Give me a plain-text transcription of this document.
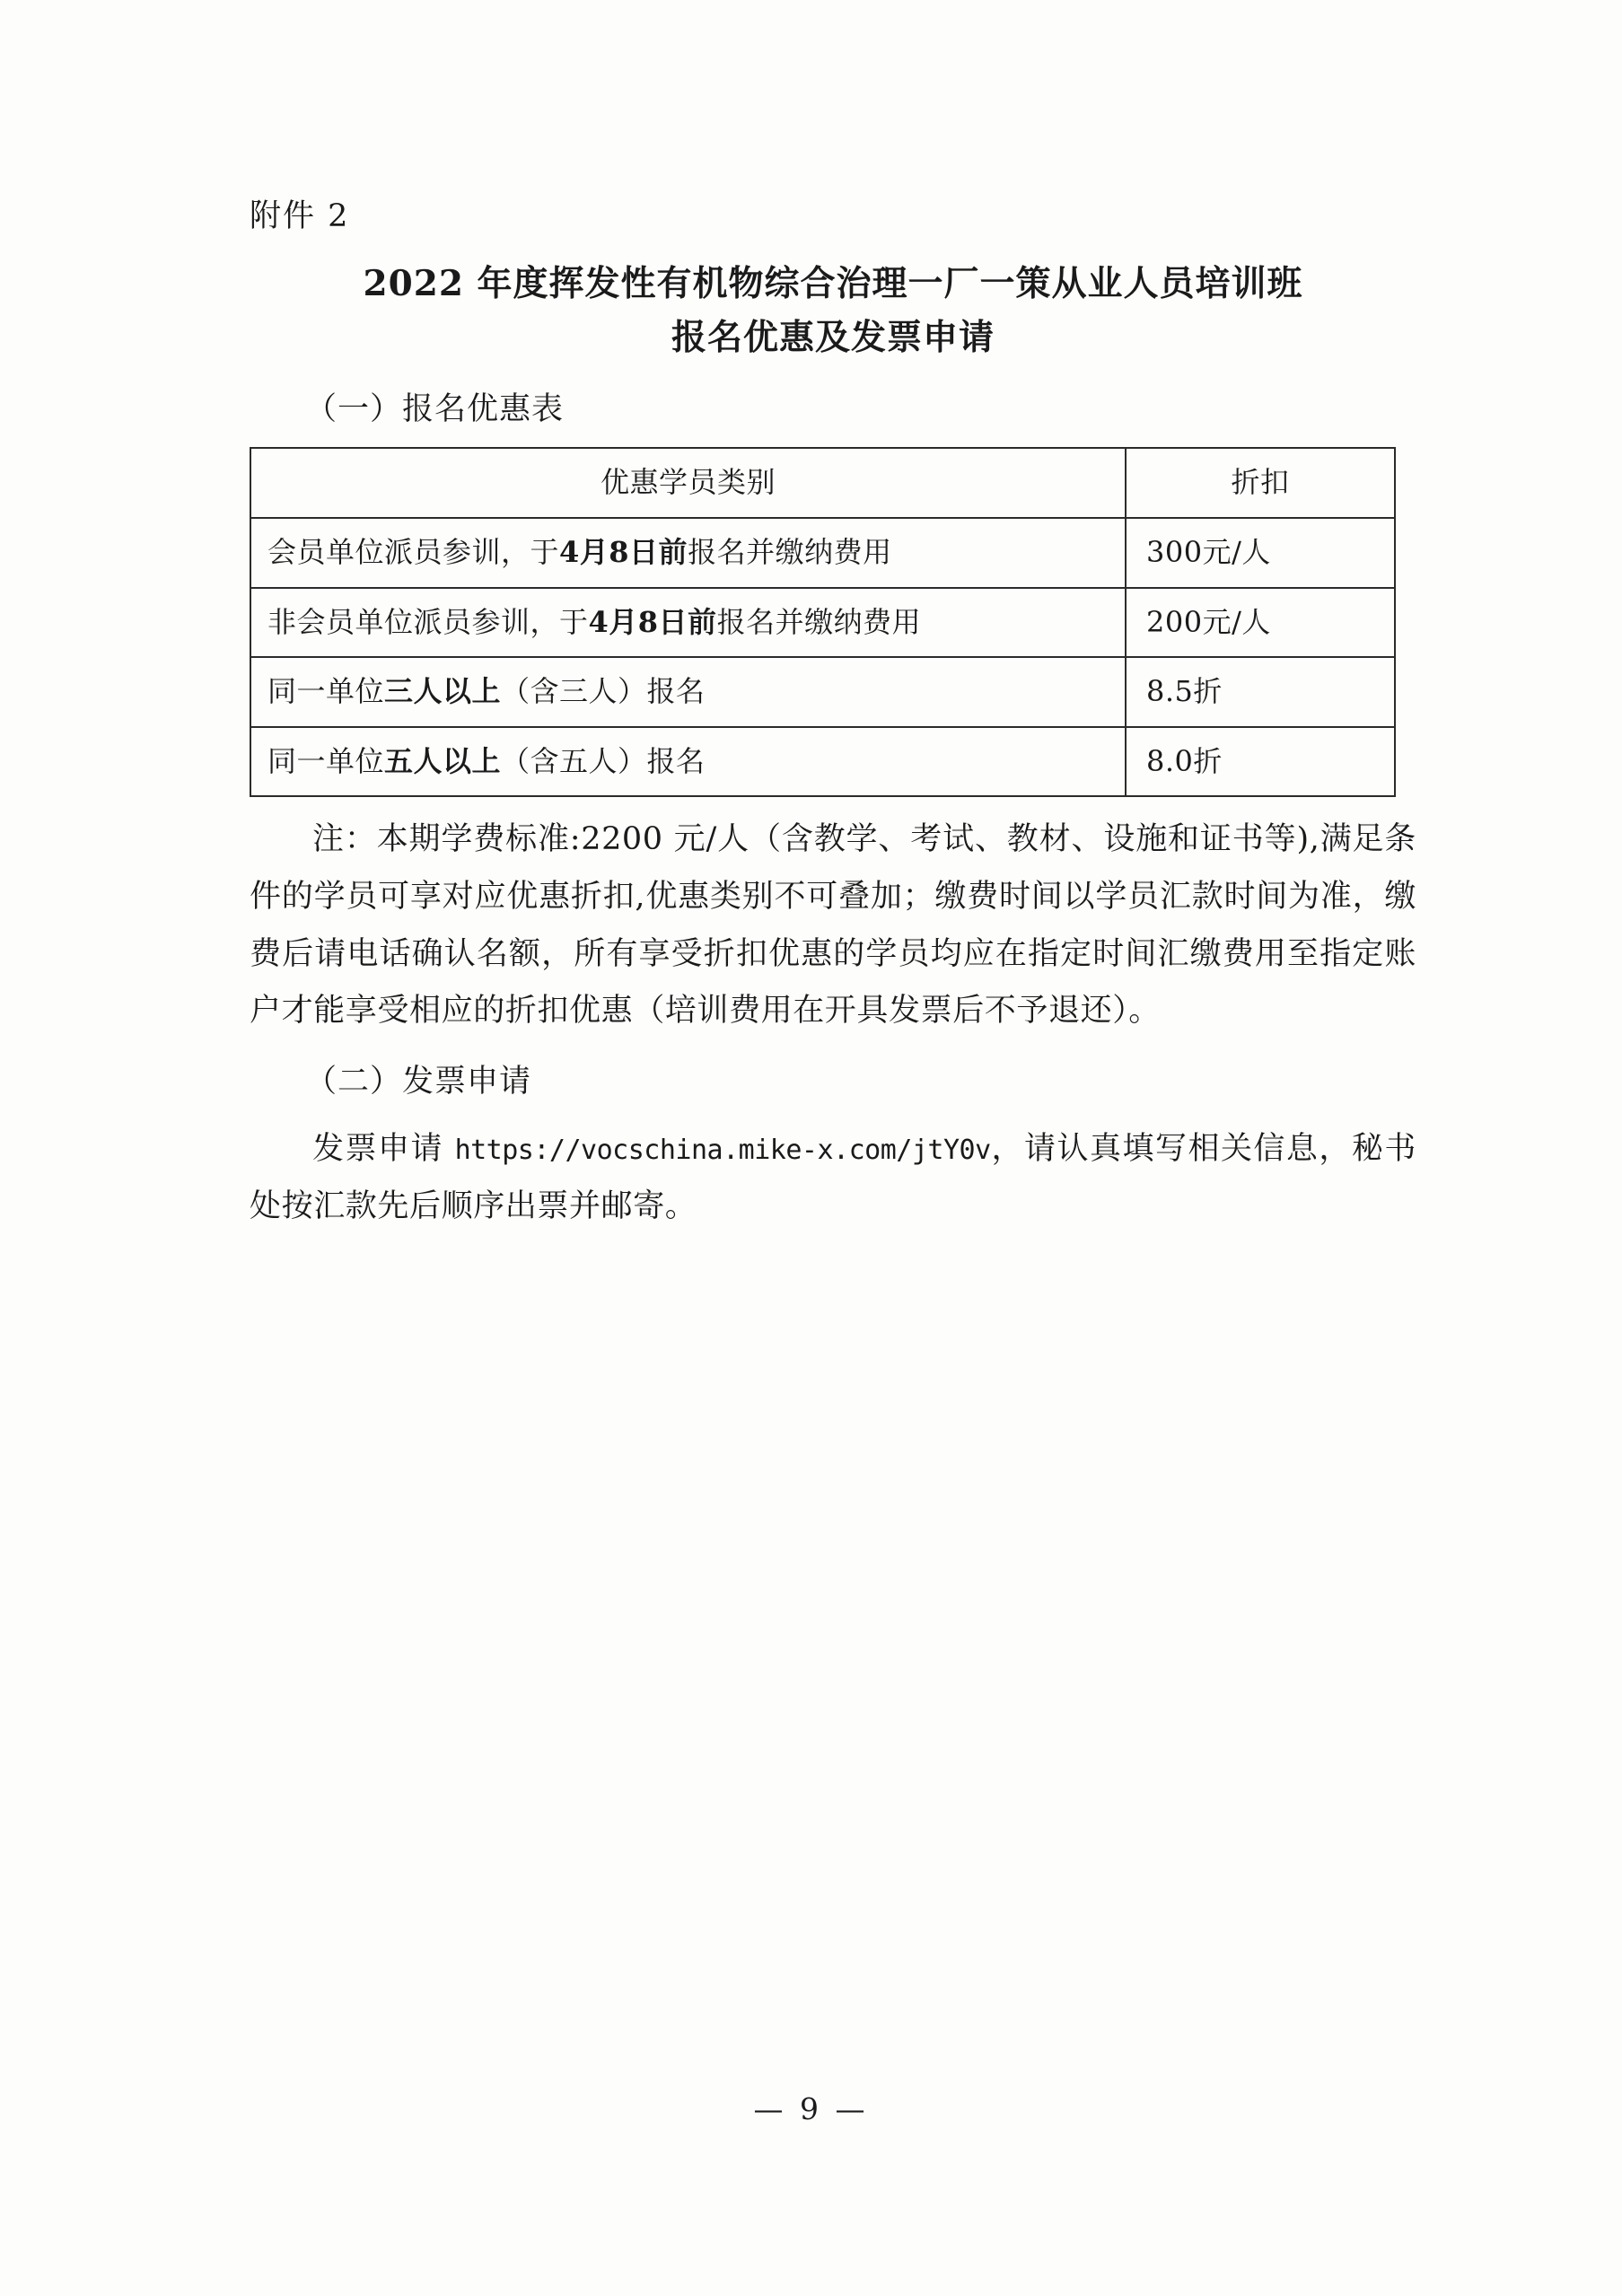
附件 2
2022 年度挥发性有机物综合治理一厂一策从业人员培训班
报名优惠及发票申请
（一）报名优惠表
优惠学员类别	折扣
会员单位派员参训，于4月8日前报名并缴纳费用	300元/人
非会员单位派员参训，于4月8日前报名并缴纳费用	200元/人
同一单位三人以上（含三人）报名	8.5折
同一单位五人以上（含五人）报名	8.0折
注：本期学费标准:2200 元/人（含教学、考试、教材、设施和证书等),满足条件的学员可享对应优惠折扣,优惠类别不可叠加；缴费时间以学员汇款时间为准，缴费后请电话确认名额，所有享受折扣优惠的学员均应在指定时间汇缴费用至指定账户才能享受相应的折扣优惠（培训费用在开具发票后不予退还）。
（二）发票申请
发票申请 https://vocschina.mike-x.com/jtY0v，请认真填写相关信息，秘书处按汇款先后顺序出票并邮寄。
— 9 —
